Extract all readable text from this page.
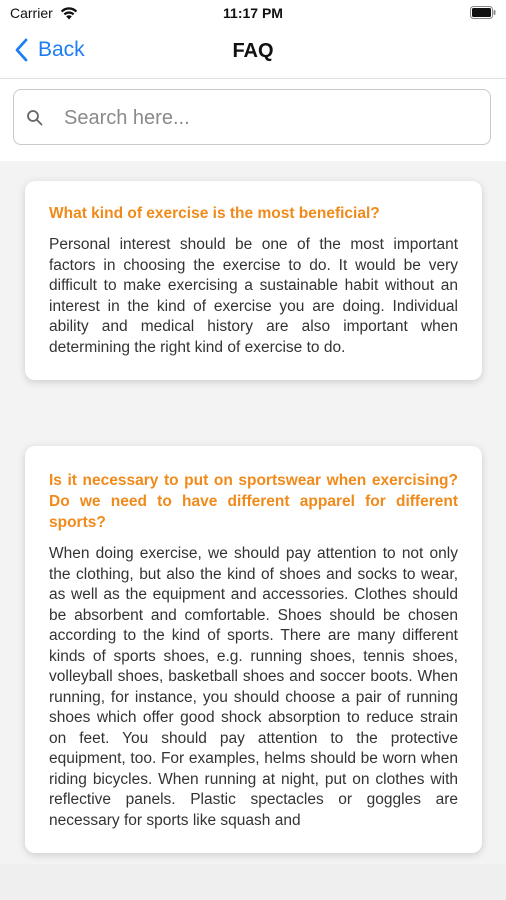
Carrier	11:17 PM
Back	FAQ
Search here...

What kind of exercise is the most beneficial?

Personal interest should be one of the most important factors in choosing the exercise to do. It would be very difficult to make exercising a sustainable habit without an interest in the kind of exercise you are doing. Individual ability and medical history are also important when determining the right kind of exercise to do.

Is it necessary to put on sportswear when exercising? Do we need to have different apparel for different sports?

When doing exercise, we should pay attention to not only the clothing, but also the kind of shoes and socks to wear, as well as the equipment and accessories. Clothes should be absorbent and comfortable. Shoes should be chosen according to the kind of sports. There are many different kinds of sports shoes, e.g. running shoes, tennis shoes, volleyball shoes, basketball shoes and soccer boots. When running, for instance, you should choose a pair of running shoes which offer good shock absorption to reduce strain on feet. You should pay attention to the protective equipment, too. For examples, helms should be worn when riding bicycles. When running at night, put on clothes with reflective panels. Plastic spectacles or goggles are necessary for sports like squash and
